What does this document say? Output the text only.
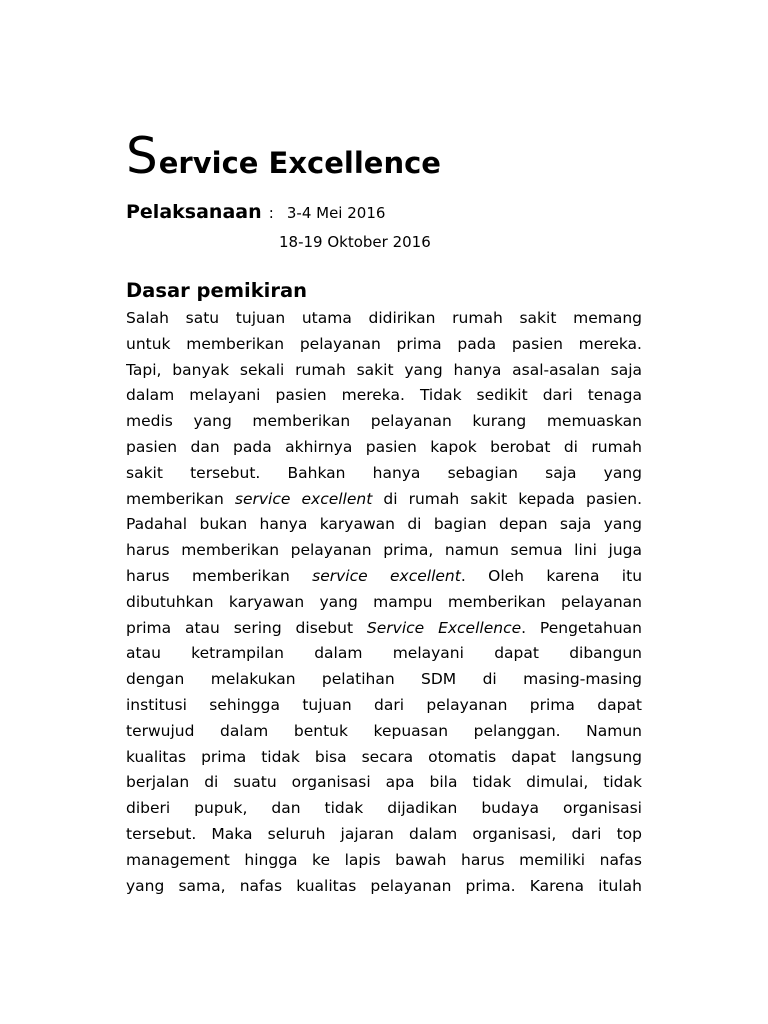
Service Excellence
Pelaksanaan : 3-4 Mei 2016
18-19 Oktober 2016
Dasar pemikiran
Salah satu tujuan utama didirikan rumah sakit memang
untuk memberikan pelayanan prima pada pasien mereka.
Tapi, banyak sekali rumah sakit yang hanya asal-asalan saja
dalam melayani pasien mereka. Tidak sedikit dari tenaga
medis yang memberikan pelayanan kurang memuaskan
pasien dan pada akhirnya pasien kapok berobat di rumah
sakit tersebut. Bahkan hanya sebagian saja yang
memberikan service excellent di rumah sakit kepada pasien.
Padahal bukan hanya karyawan di bagian depan saja yang
harus memberikan pelayanan prima, namun semua lini juga
harus memberikan service excellent. Oleh karena itu
dibutuhkan karyawan yang mampu memberikan pelayanan
prima atau sering disebut Service Excellence. Pengetahuan
atau ketrampilan dalam melayani dapat dibangun
dengan melakukan pelatihan SDM di masing-masing
institusi sehingga tujuan dari pelayanan prima dapat
terwujud dalam bentuk kepuasan pelanggan. Namun
kualitas prima tidak bisa secara otomatis dapat langsung
berjalan di suatu organisasi apa bila tidak dimulai, tidak
diberi pupuk, dan tidak dijadikan budaya organisasi
tersebut. Maka seluruh jajaran dalam organisasi, dari top
management hingga ke lapis bawah harus memiliki nafas
yang sama, nafas kualitas pelayanan prima. Karena itulah
